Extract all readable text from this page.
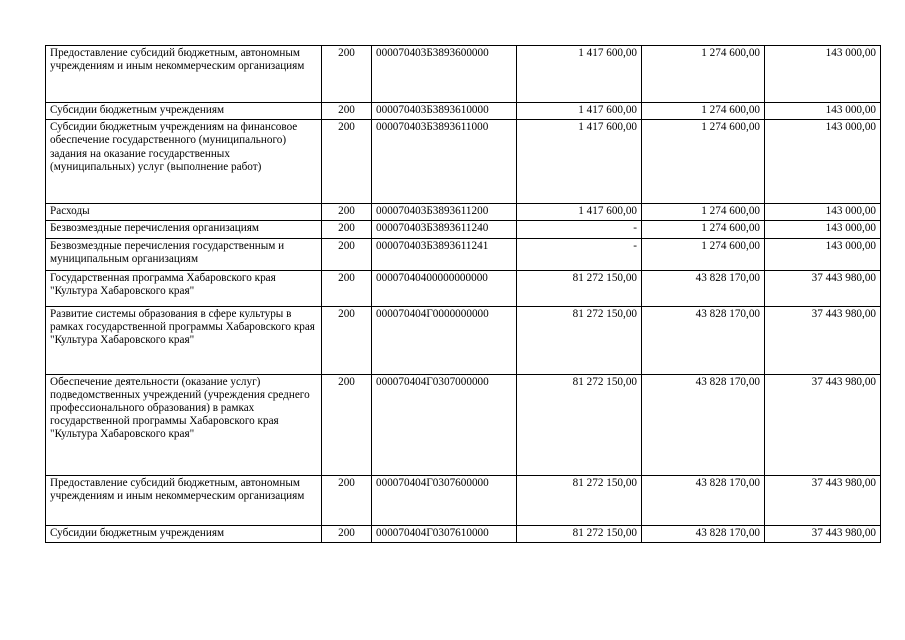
Предоставление субсидий бюджетным, автономным учреждениям и иным некоммерческим организациям	200	000070403Б3893600000	1 417 600,00	1 274 600,00	143 000,00
Субсидии бюджетным учреждениям	200	000070403Б3893610000	1 417 600,00	1 274 600,00	143 000,00
Субсидии бюджетным учреждениям на финансовое обеспечение государственного (муниципального) задания на оказание государственных (муниципальных) услуг (выполнение работ)	200	000070403Б3893611000	1 417 600,00	1 274 600,00	143 000,00
Расходы	200	000070403Б3893611200	1 417 600,00	1 274 600,00	143 000,00
Безвозмездные перечисления организациям	200	000070403Б3893611240	-	1 274 600,00	143 000,00
Безвозмездные перечисления государственным и муниципальным организациям	200	000070403Б3893611241	-	1 274 600,00	143 000,00
Государственная программа Хабаровского края "Культура Хабаровского края"	200	00007040400000000000	81 272 150,00	43 828 170,00	37 443 980,00
Развитие системы образования в сфере культуры в рамках государственной программы Хабаровского края "Культура Хабаровского края"	200	000070404Г0000000000	81 272 150,00	43 828 170,00	37 443 980,00
Обеспечение деятельности (оказание услуг) подведомственных учреждений (учреждения среднего профессионального образования) в рамках государственной программы Хабаровского края "Культура Хабаровского края"	200	000070404Г0307000000	81 272 150,00	43 828 170,00	37 443 980,00
Предоставление субсидий бюджетным, автономным учреждениям и иным некоммерческим организациям	200	000070404Г0307600000	81 272 150,00	43 828 170,00	37 443 980,00
Субсидии бюджетным учреждениям	200	000070404Г0307610000	81 272 150,00	43 828 170,00	37 443 980,00
